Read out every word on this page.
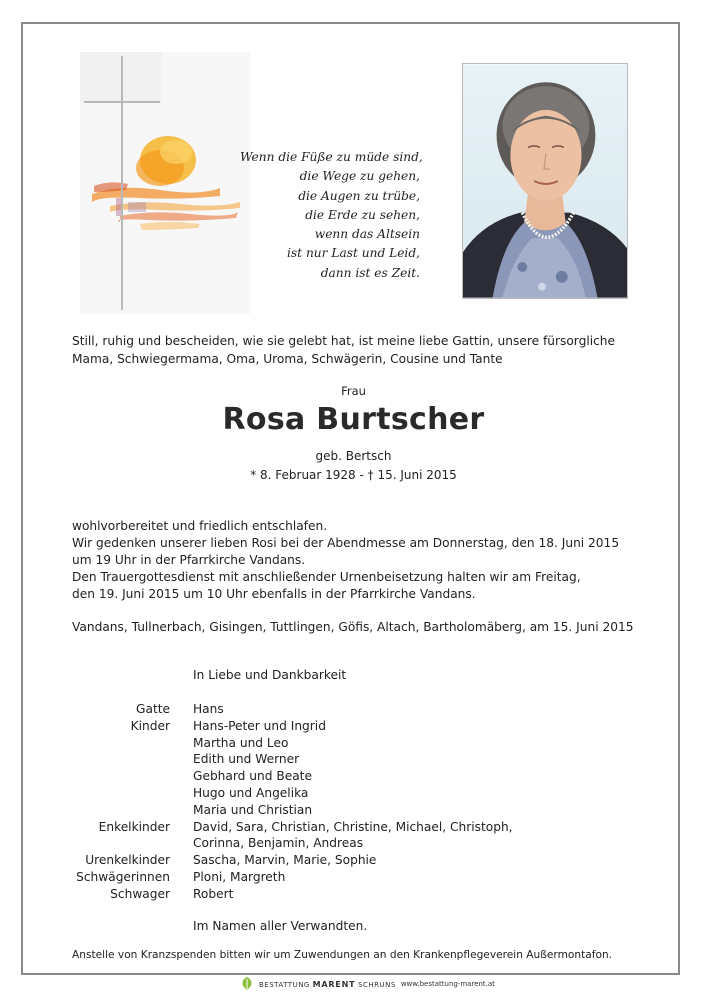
Wenn die Füße zu müde sind,
die Wege zu gehen,
die Augen zu trübe,
die Erde zu sehen,
wenn das Altsein
ist nur Last und Leid,
dann ist es Zeit.
Still, ruhig und bescheiden, wie sie gelebt hat, ist meine liebe Gattin, unsere fürsorgliche Mama, Schwiegermama, Oma, Uroma, Schwägerin, Cousine und Tante
Frau
Rosa Burtscher
geb. Bertsch
* 8. Februar 1928 - † 15. Juni 2015
wohlvorbereitet und friedlich entschlafen.
Wir gedenken unserer lieben Rosi bei der Abendmesse am Donnerstag, den 18. Juni 2015
um 19 Uhr in der Pfarrkirche Vandans.
Den Trauergottesdienst mit anschließender Urnenbeisetzung halten wir am Freitag,
den 19. Juni 2015 um 10 Uhr ebenfalls in der Pfarrkirche Vandans.
Vandans, Tullnerbach, Gisingen, Tuttlingen, Göfis, Altach, Bartholomäberg, am 15. Juni 2015
In Liebe und Dankbarkeit
Gatte	Hans
Kinder	Hans-Peter und Ingrid
Martha und Leo
Edith und Werner
Gebhard und Beate
Hugo und Angelika
Maria und Christian
Enkelkinder	David, Sara, Christian, Christine, Michael, Christoph,
Corinna, Benjamin, Andreas
Urenkelkinder	Sascha, Marvin, Marie, Sophie
Schwägerinnen	Ploni, Margreth
Schwager	Robert
Im Namen aller Verwandten.
Anstelle von Kranzspenden bitten wir um Zuwendungen an den Krankenpflegeverein Außermontafon.
BESTATTUNG MARENT SCHRUNS www.bestattung-marent.at
